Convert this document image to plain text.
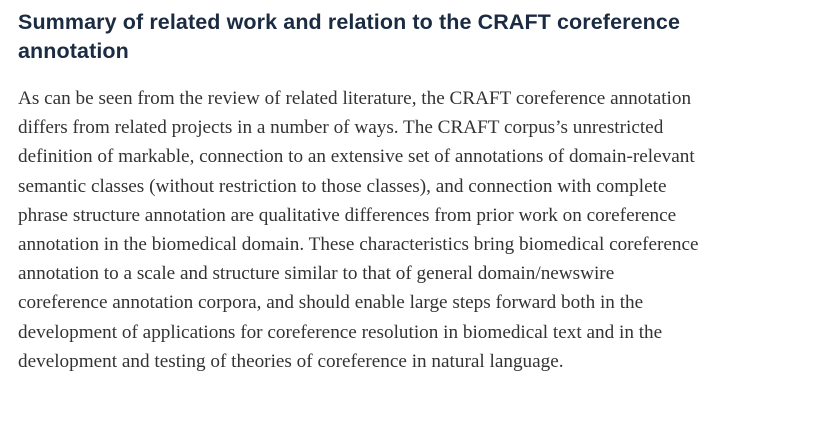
Summary of related work and relation to the CRAFT coreference
annotation

As can be seen from the review of related literature, the CRAFT coreference annotation
differs from related projects in a number of ways. The CRAFT corpus’s unrestricted
definition of markable, connection to an extensive set of annotations of domain-relevant
semantic classes (without restriction to those classes), and connection with complete
phrase structure annotation are qualitative differences from prior work on coreference
annotation in the biomedical domain. These characteristics bring biomedical coreference
annotation to a scale and structure similar to that of general domain/newswire
coreference annotation corpora, and should enable large steps forward both in the
development of applications for coreference resolution in biomedical text and in the
development and testing of theories of coreference in natural language.
